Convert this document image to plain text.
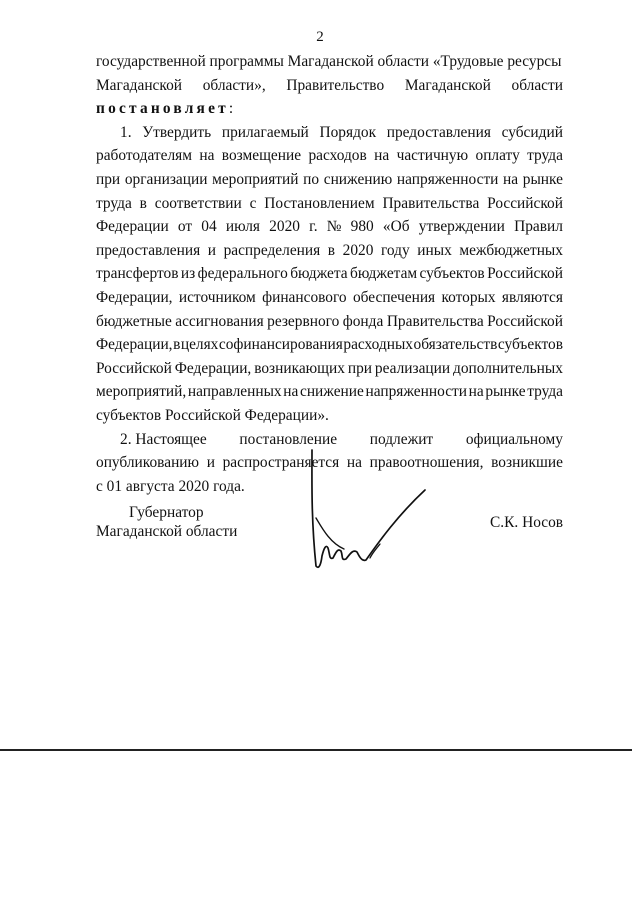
2
государственной программы Магаданской области «Трудовые ресурсы
Магаданской области», Правительство Магаданской области
постановляет:
1. Утвердить прилагаемый Порядок предоставления субсидий
работодателям на возмещение расходов на частичную оплату труда
при организации мероприятий по снижению напряженности на рынке
труда в соответствии с Постановлением Правительства Российской
Федерации от 04 июля 2020 г. № 980 «Об утверждении Правил
предоставления и распределения в 2020 году иных межбюджетных
трансфертов из федерального бюджета бюджетам субъектов Российской
Федерации, источником финансового обеспечения которых являются
бюджетные ассигнования резервного фонда Правительства Российской
Федерации, в целях софинансирования расходных обязательств субъектов
Российской Федерации, возникающих при реализации дополнительных
мероприятий, направленных на снижение напряженности на рынке труда
субъектов Российской Федерации».
2. Настоящее постановление подлежит официальному
опубликованию и распространяется на правоотношения, возникшие
с 01 августа 2020 года.
Губернатор
Магаданской области
С.К. Носов
